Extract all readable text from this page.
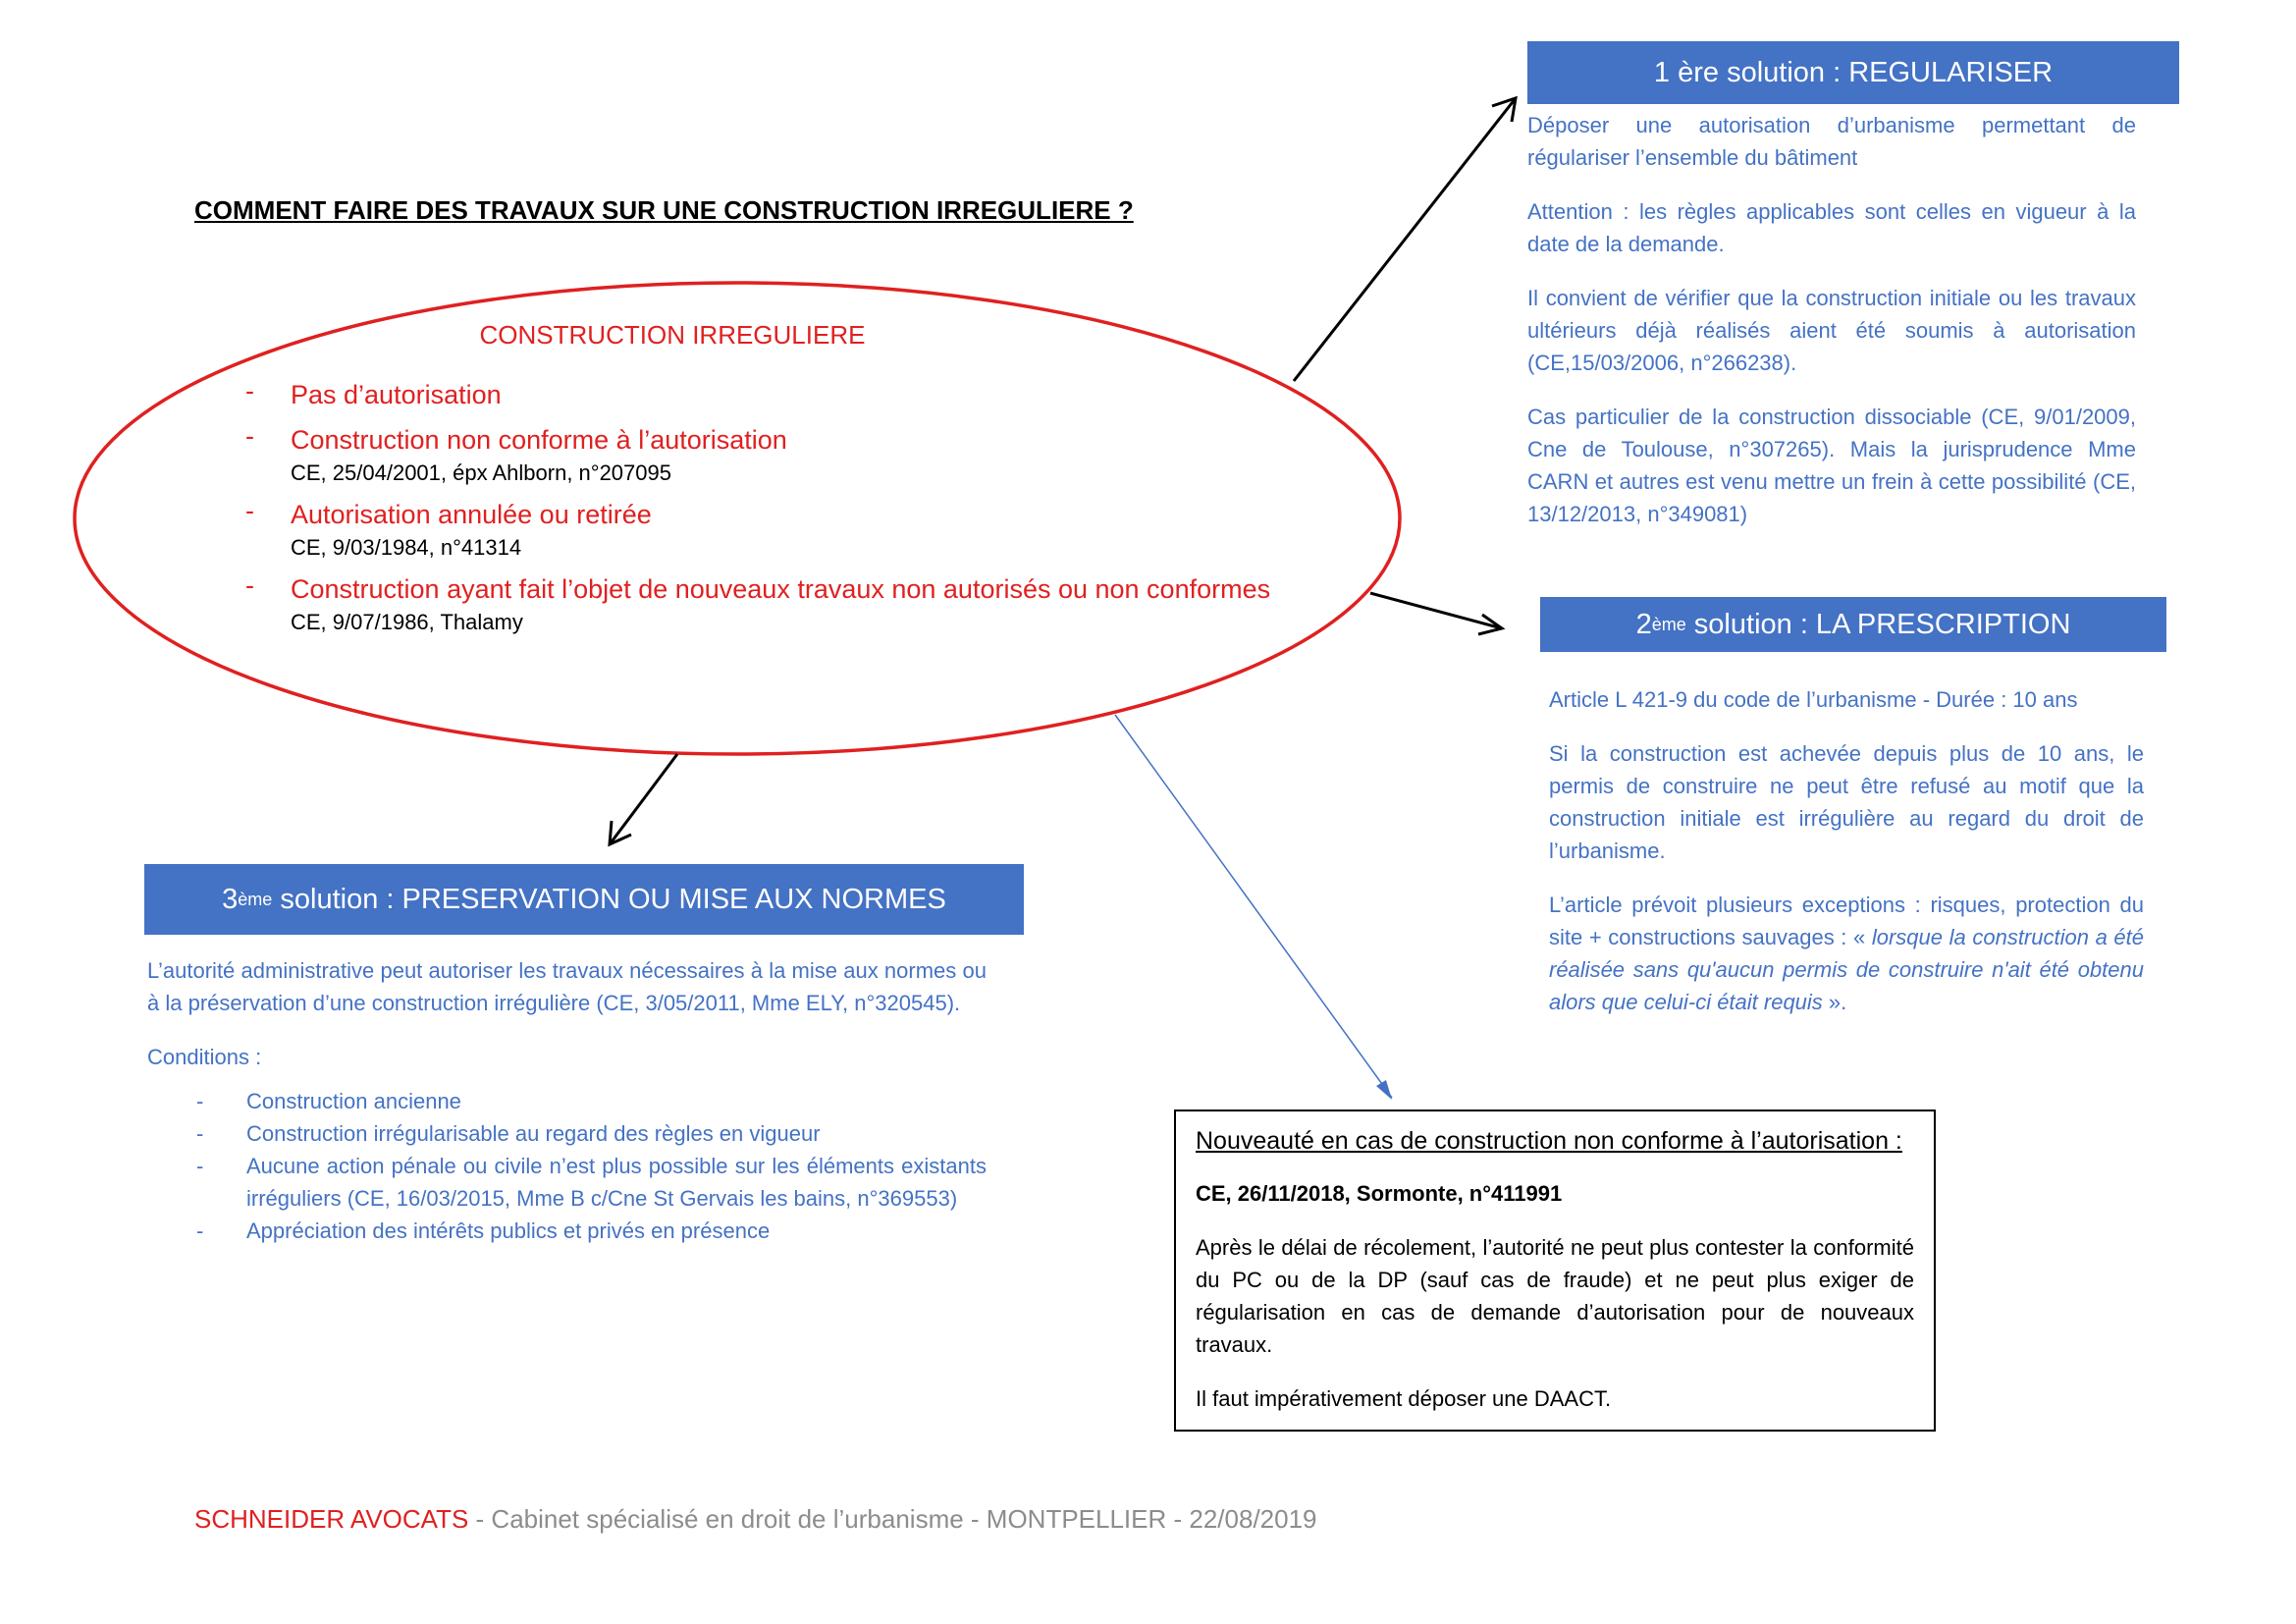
COMMENT FAIRE DES TRAVAUX SUR UNE CONSTRUCTION IRREGULIERE ?
CONSTRUCTION IRREGULIERE
- Pas d’autorisation
- Construction non conforme à l’autorisation
CE, 25/04/2001, épx Ahlborn, n°207095
- Autorisation annulée ou retirée
CE, 9/03/1984, n°41314
- Construction ayant fait l’objet de nouveaux travaux non autorisés ou non conformes
CE, 9/07/1986, Thalamy
1 ère solution : REGULARISER

Déposer une autorisation d’urbanisme permettant de régulariser l’ensemble du bâtiment

Attention : les règles applicables sont celles en vigueur à la date de la demande.

Il convient de vérifier que la construction initiale ou les travaux ultérieurs déjà réalisés aient été soumis à autorisation (CE,15/03/2006, n°266238).

Cas particulier de la construction dissociable (CE, 9/01/2009, Cne de Toulouse, n°307265). Mais la jurisprudence Mme CARN et autres est venu mettre un frein à cette possibilité (CE, 13/12/2013, n°349081)

2 ème solution : LA PRESCRIPTION

Article L 421-9 du code de l’urbanisme - Durée : 10 ans

Si la construction est achevée depuis plus de 10 ans, le permis de construire ne peut être refusé au motif que la construction initiale est irrégulière au regard du droit de l’urbanisme.

L’article prévoit plusieurs exceptions : risques, protection du site + constructions sauvages : « lorsque la construction a été réalisée sans qu'aucun permis de construire n'ait été obtenu alors que celui-ci était requis ».

3 ème solution : PRESERVATION OU MISE AUX NORMES

L’autorité administrative peut autoriser les travaux nécessaires à la mise aux normes ou à la préservation d’une construction irrégulière (CE, 3/05/2011, Mme ELY, n°320545).

Conditions :

- Construction ancienne
- Construction irrégularisable au regard des règles en vigueur
- Aucune action pénale ou civile n’est plus possible sur les éléments existants irréguliers (CE, 16/03/2015, Mme B c/Cne St Gervais les bains, n°369553)
- Appréciation des intérêts publics et privés en présence

Nouveauté en cas de construction non conforme à l’autorisation :

CE, 26/11/2018, Sormonte, n°411991

Après le délai de récolement, l’autorité ne peut plus contester la conformité du PC ou de la DP (sauf cas de fraude) et ne peut plus exiger de régularisation en cas de demande d’autorisation pour de nouveaux travaux.

Il faut impérativement déposer une DAACT.

SCHNEIDER AVOCATS - Cabinet spécialisé en droit de l’urbanisme - MONTPELLIER - 22/08/2019
